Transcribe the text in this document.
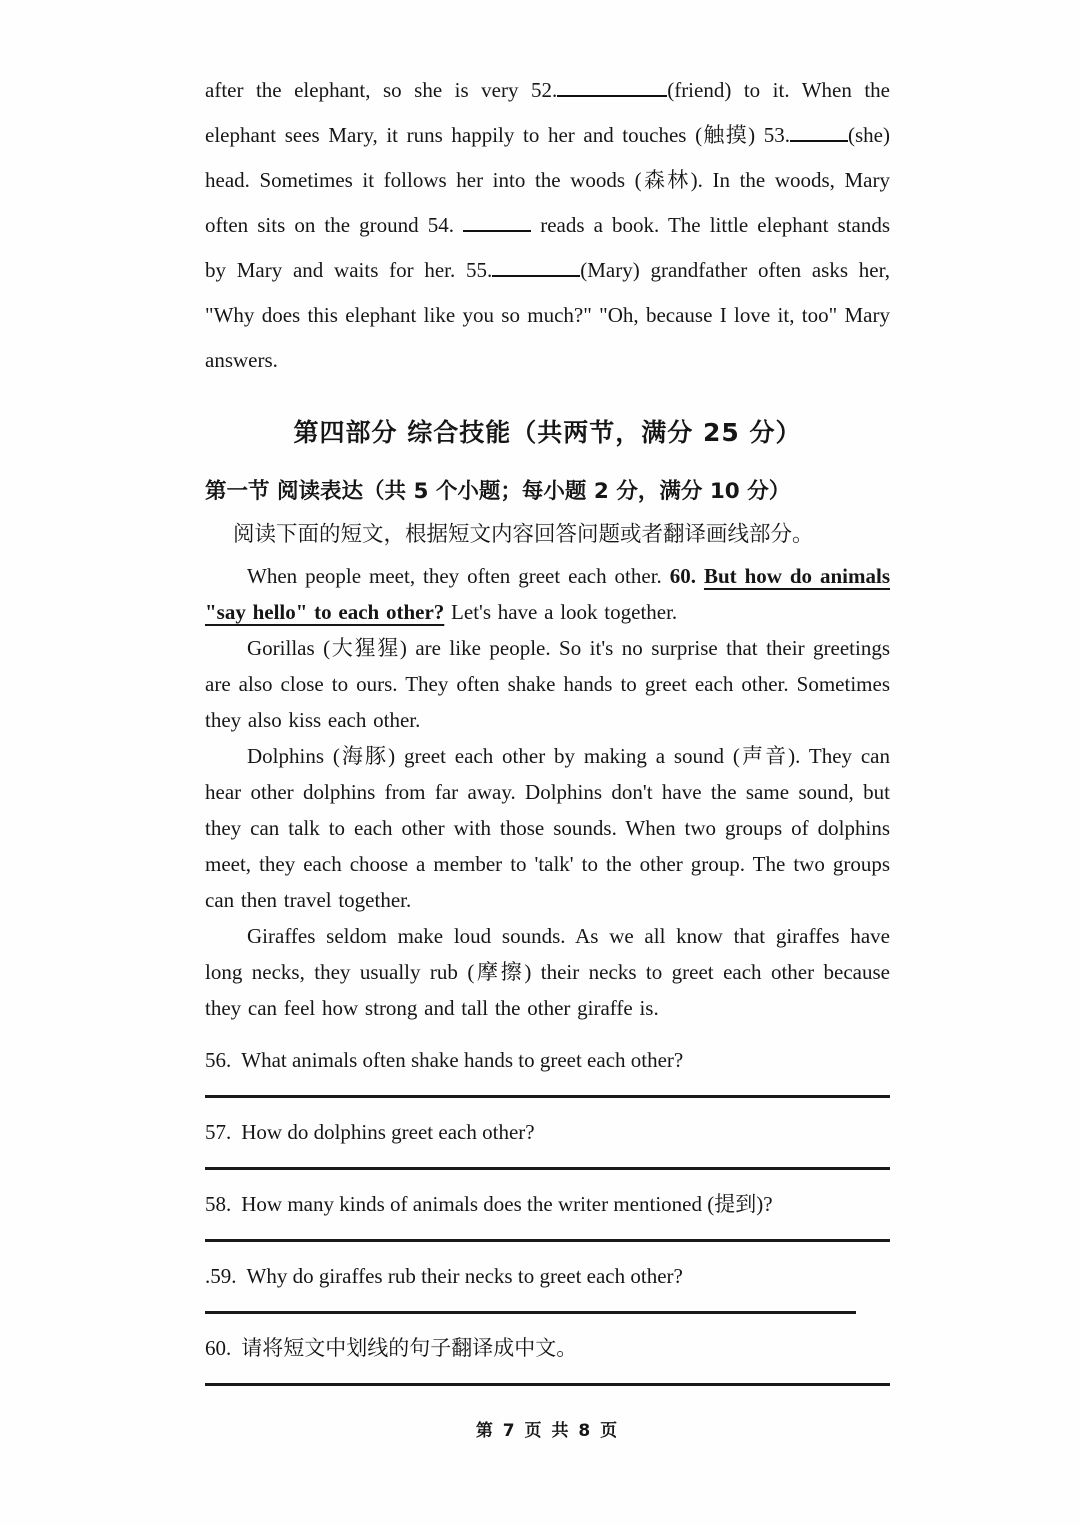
after the elephant, so she is very 52.	(friend) to it. When the elephant sees Mary, it runs happily to her and touches (触摸) 53.	(she) head. Sometimes it follows her into the woods (森林). In the woods, Mary often sits on the ground 54.	reads a book. The little elephant stands by Mary and waits for her. 55.	(Mary) grandfather often asks her, "Why does this elephant like you so much?" "Oh, because I love it, too" Mary answers.

第四部分 综合技能（共两节，满分 25 分）
第一节 阅读表达（共 5 个小题；每小题 2 分，满分 10 分）

阅读下面的短文，根据短文内容回答问题或者翻译画线部分。

When people meet, they often greet each other. 60. But how do animals "say hello" to each other? Let's have a look together.

Gorillas (大猩猩) are like people. So it's no surprise that their greetings are also close to ours. They often shake hands to greet each other. Sometimes they also kiss each other.

Dolphins (海豚) greet each other by making a sound (声音). They can hear other dolphins from far away. Dolphins don't have the same sound, but they can talk to each other with those sounds. When two groups of dolphins meet, they each choose a member to 'talk' to the other group. The two groups can then travel together.

Giraffes seldom make loud sounds. As we all know that giraffes have long necks, they usually rub (摩擦) their necks to greet each other because they can feel how strong and tall the other giraffe is.

56. What animals often shake hands to greet each other?

57. How do dolphins greet each other?

58. How many kinds of animals does the writer mentioned (提到)?

.59. Why do giraffes rub their necks to greet each other?

60. 请将短文中划线的句子翻译成中文。

第 7 页 共 8 页
